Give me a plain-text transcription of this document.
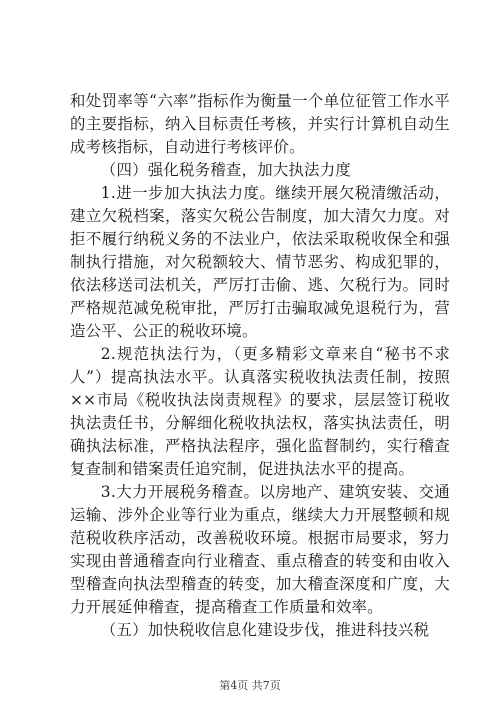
和处罚率等“六率”指标作为衡量一个单位征管工作水平的主要指标，纳入目标责任考核，并实行计算机自动生成考核指标，自动进行考核评价。

（四）强化税务稽查，加大执法力度

1.进一步加大执法力度。继续开展欠税清缴活动，建立欠税档案，落实欠税公告制度，加大清欠力度。对拒不履行纳税义务的不法业户，依法采取税收保全和强制执行措施，对欠税额较大、情节恶劣、构成犯罪的，依法移送司法机关，严厉打击偷、逃、欠税行为。同时严格规范减免税审批，严厉打击骗取减免退税行为，营造公平、公正的税收环境。

2.规范执法行为，（更多精彩文章来自“秘书不求人”）提高执法水平。认真落实税收执法责任制，按照××市局《税收执法岗责规程》的要求，层层签订税收执法责任书，分解细化税收执法权，落实执法责任，明确执法标准，严格执法程序，强化监督制约，实行稽查复查制和错案责任追究制，促进执法水平的提高。

3.大力开展税务稽查。以房地产、建筑安装、交通运输、涉外企业等行业为重点，继续大力开展整顿和规范税收秩序活动，改善税收环境。根据市局要求，努力实现由普通稽查向行业稽查、重点稽查的转变和由收入型稽查向执法型稽查的转变，加大稽查深度和广度，大力开展延伸稽查，提高稽查工作质量和效率。

（五）加快税收信息化建设步伐，推进科技兴税

第4页 共7页
